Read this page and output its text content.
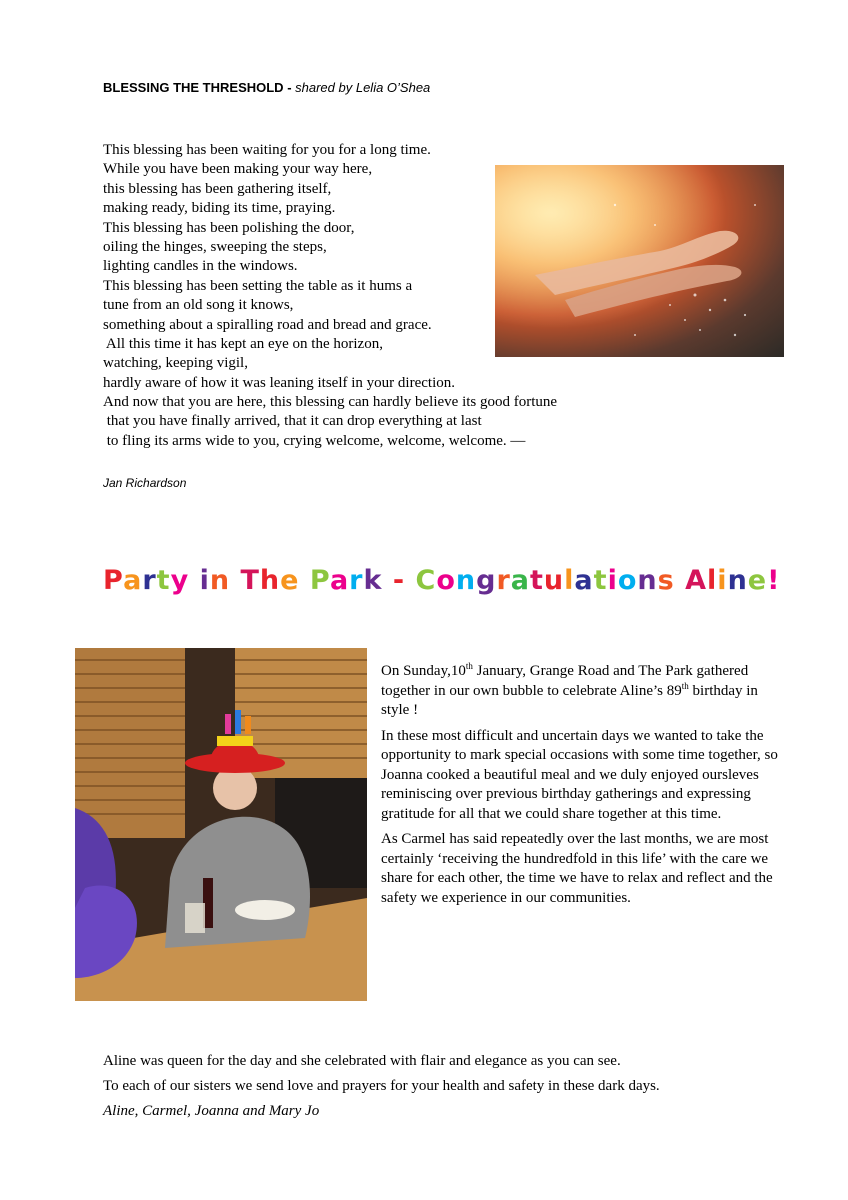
BLESSING THE THRESHOLD - shared by Lelia O’Shea
This blessing has been waiting for you for a long time.
While you have been making your way here,
this blessing has been gathering itself,
making ready, biding its time, praying.
This blessing has been polishing the door,
oiling the hinges, sweeping the steps,
lighting candles in the windows.
This blessing has been setting the table as it hums a
tune from an old song it knows,
something about a spiralling road and bread and grace.
All this time it has kept an eye on the horizon,
watching, keeping vigil,
hardly aware of how it was leaning itself in your direction.
And now that you are here, this blessing can hardly believe its good fortune
that you have finally arrived, that it can drop everything at last
to fling its arms wide to you, crying welcome, welcome, welcome. —
Jan Richardson
Party in The Park - Congratulations Aline!

On Sunday,10th January, Grange Road and The Park gathered together in our own bubble to celebrate Aline’s 89th birthday in style !

In these most difficult and uncertain days we wanted to take the opportunity to mark special occasions with some time together, so Joanna cooked a beautiful meal and we duly enjoyed oursleves reminiscing over previous birthday gatherings and expressing gratitude for all that we could share together at this time.

As Carmel has said repeatedly over the last months, we are most certainly ‘receiving the hundredfold in this life’ with the care we share for each other, the time we have to relax and reflect and the safety we experience in our communities.

Aline was queen for the day and she celebrated with flair and elegance as you can see.
To each of our sisters we send love and prayers for your health and safety in these dark days.
Aline, Carmel, Joanna and Mary Jo
